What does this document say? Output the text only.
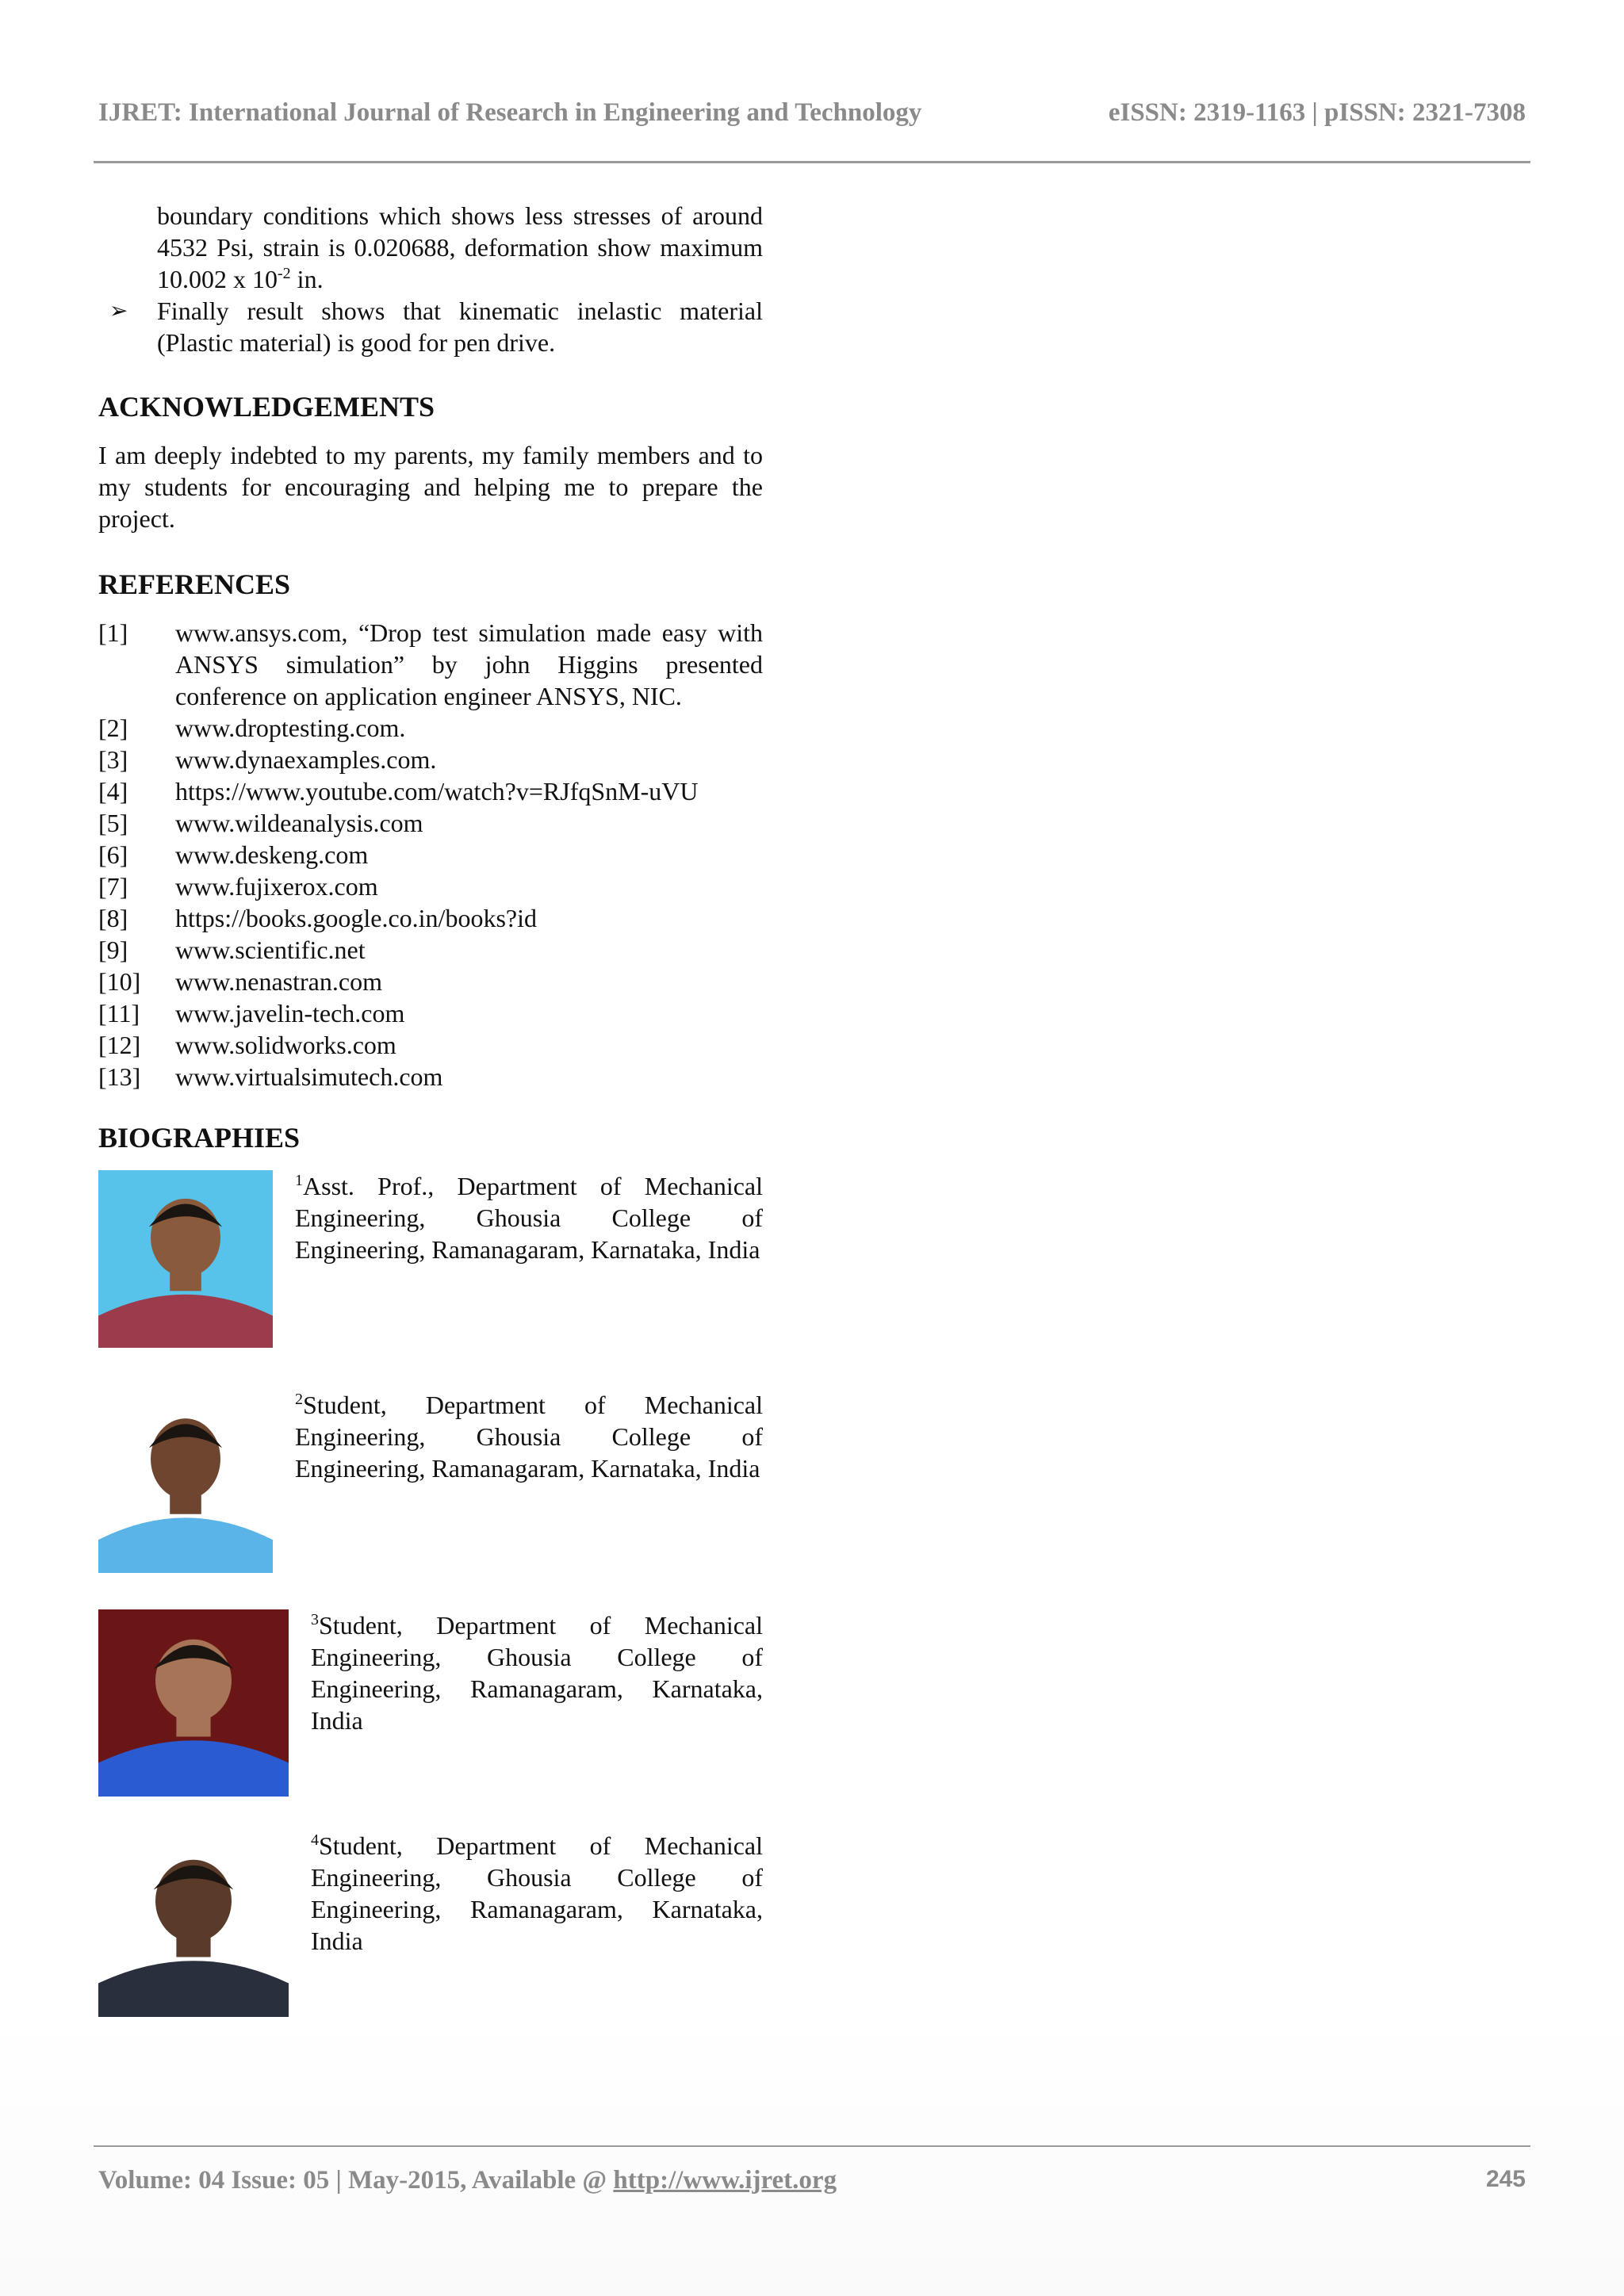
IJRET: International Journal of Research in Engineering and Technology	eISSN: 2319-1163 | pISSN: 2321-7308
boundary conditions which shows less stresses of around 4532 Psi, strain is 0.020688, deformation show maximum 10.002 x $10^{-2}$ in.
➢	Finally result shows that kinematic inelastic material (Plastic material) is good for pen drive.
ACKNOWLEDGEMENTS
I am deeply indebted to my parents, my family members and to my students for encouraging and helping me to prepare the project.
REFERENCES
[1]	www.ansys.com, “Drop test simulation made easy with ANSYS simulation” by john Higgins presented conference on application engineer ANSYS, NIC.
[2]	www.droptesting.com.
[3]	www.dynaexamples.com.
[4]	https://www.youtube.com/watch?v=RJfqSnM-uVU
[5]	www.wildeanalysis.com
[6]	www.deskeng.com
[7]	www.fujixerox.com
[8]	https://books.google.co.in/books?id
[9]	www.scientific.net
[10]	www.nenastran.com
[11]	www.javelin-tech.com
[12]	www.solidworks.com
[13]	www.virtualsimutech.com
BIOGRAPHIES
$^1$Asst. Prof., Department of Mechanical Engineering, Ghousia College of Engineering, Ramanagaram, Karnataka, India
$^2$Student, Department of Mechanical Engineering, Ghousia College of Engineering, Ramanagaram, Karnataka, India
$^3$Student, Department of Mechanical Engineering, Ghousia College of Engineering, Ramanagaram, Karnataka, India
$^4$Student, Department of Mechanical Engineering, Ghousia College of Engineering, Ramanagaram, Karnataka, India
Volume: 04 Issue: 05 | May-2015, Available @ http://www.ijret.org	245
